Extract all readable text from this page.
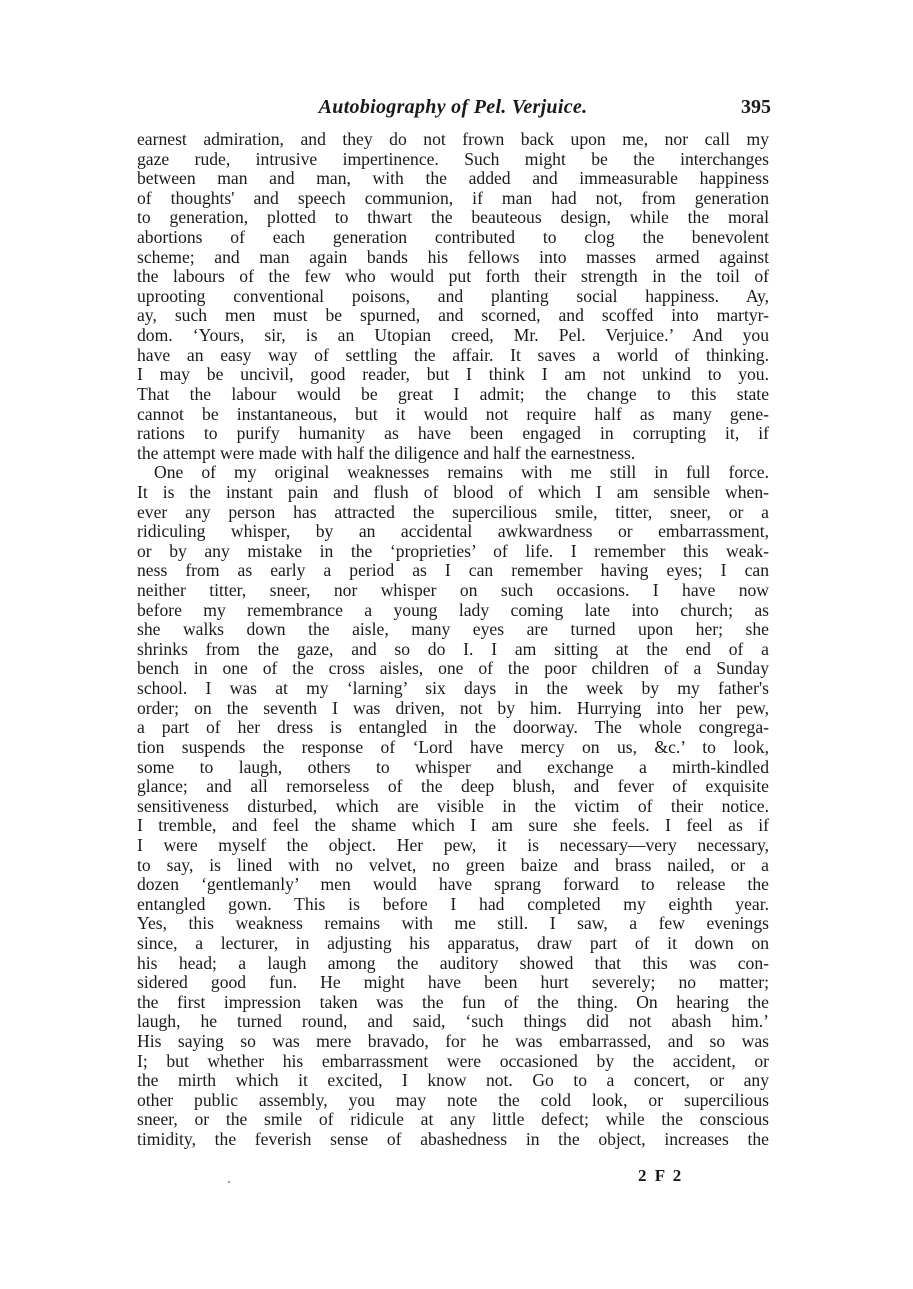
Autobiography of Pel. Verjuice.	395
earnest admiration, and they do not frown back upon me, nor call my
gaze rude, intrusive impertinence. Such might be the interchanges
between man and man, with the added and immeasurable happiness
of thoughts' and speech communion, if man had not, from generation
to generation, plotted to thwart the beauteous design, while the moral
abortions of each generation contributed to clog the benevolent
scheme; and man again bands his fellows into masses armed against
the labours of the few who would put forth their strength in the toil of
uprooting conventional poisons, and planting social happiness. Ay,
ay, such men must be spurned, and scorned, and scoffed into martyr-
dom. ‘Yours, sir, is an Utopian creed, Mr. Pel. Verjuice.’ And you
have an easy way of settling the affair. It saves a world of thinking.
I may be uncivil, good reader, but I think I am not unkind to you.
That the labour would be great I admit; the change to this state
cannot be instantaneous, but it would not require half as many gene-
rations to purify humanity as have been engaged in corrupting it, if
the attempt were made with half the diligence and half the earnestness.
One of my original weaknesses remains with me still in full force.
It is the instant pain and flush of blood of which I am sensible when-
ever any person has attracted the supercilious smile, titter, sneer, or a
ridiculing whisper, by an accidental awkwardness or embarrassment,
or by any mistake in the ‘proprieties’ of life. I remember this weak-
ness from as early a period as I can remember having eyes; I can
neither titter, sneer, nor whisper on such occasions. I have now
before my remembrance a young lady coming late into church; as
she walks down the aisle, many eyes are turned upon her; she
shrinks from the gaze, and so do I. I am sitting at the end of a
bench in one of the cross aisles, one of the poor children of a Sunday
school. I was at my ‘larning’ six days in the week by my father's
order; on the seventh I was driven, not by him. Hurrying into her pew,
a part of her dress is entangled in the doorway. The whole congrega-
tion suspends the response of ‘Lord have mercy on us, &c.’ to look,
some to laugh, others to whisper and exchange a mirth-kindled
glance; and all remorseless of the deep blush, and fever of exquisite
sensitiveness disturbed, which are visible in the victim of their notice.
I tremble, and feel the shame which I am sure she feels. I feel as if
I were myself the object. Her pew, it is necessary—very necessary,
to say, is lined with no velvet, no green baize and brass nailed, or a
dozen ‘gentlemanly’ men would have sprang forward to release the
entangled gown. This is before I had completed my eighth year.
Yes, this weakness remains with me still. I saw, a few evenings
since, a lecturer, in adjusting his apparatus, draw part of it down on
his head; a laugh among the auditory showed that this was con-
sidered good fun. He might have been hurt severely; no matter;
the first impression taken was the fun of the thing. On hearing the
laugh, he turned round, and said, ‘such things did not abash him.’
His saying so was mere bravado, for he was embarrassed, and so was
I; but whether his embarrassment were occasioned by the accident, or
the mirth which it excited, I know not. Go to a concert, or any
other public assembly, you may note the cold look, or supercilious
sneer, or the smile of ridicule at any little defect; while the conscious
timidity, the feverish sense of abashedness in the object, increases the
2 F 2
